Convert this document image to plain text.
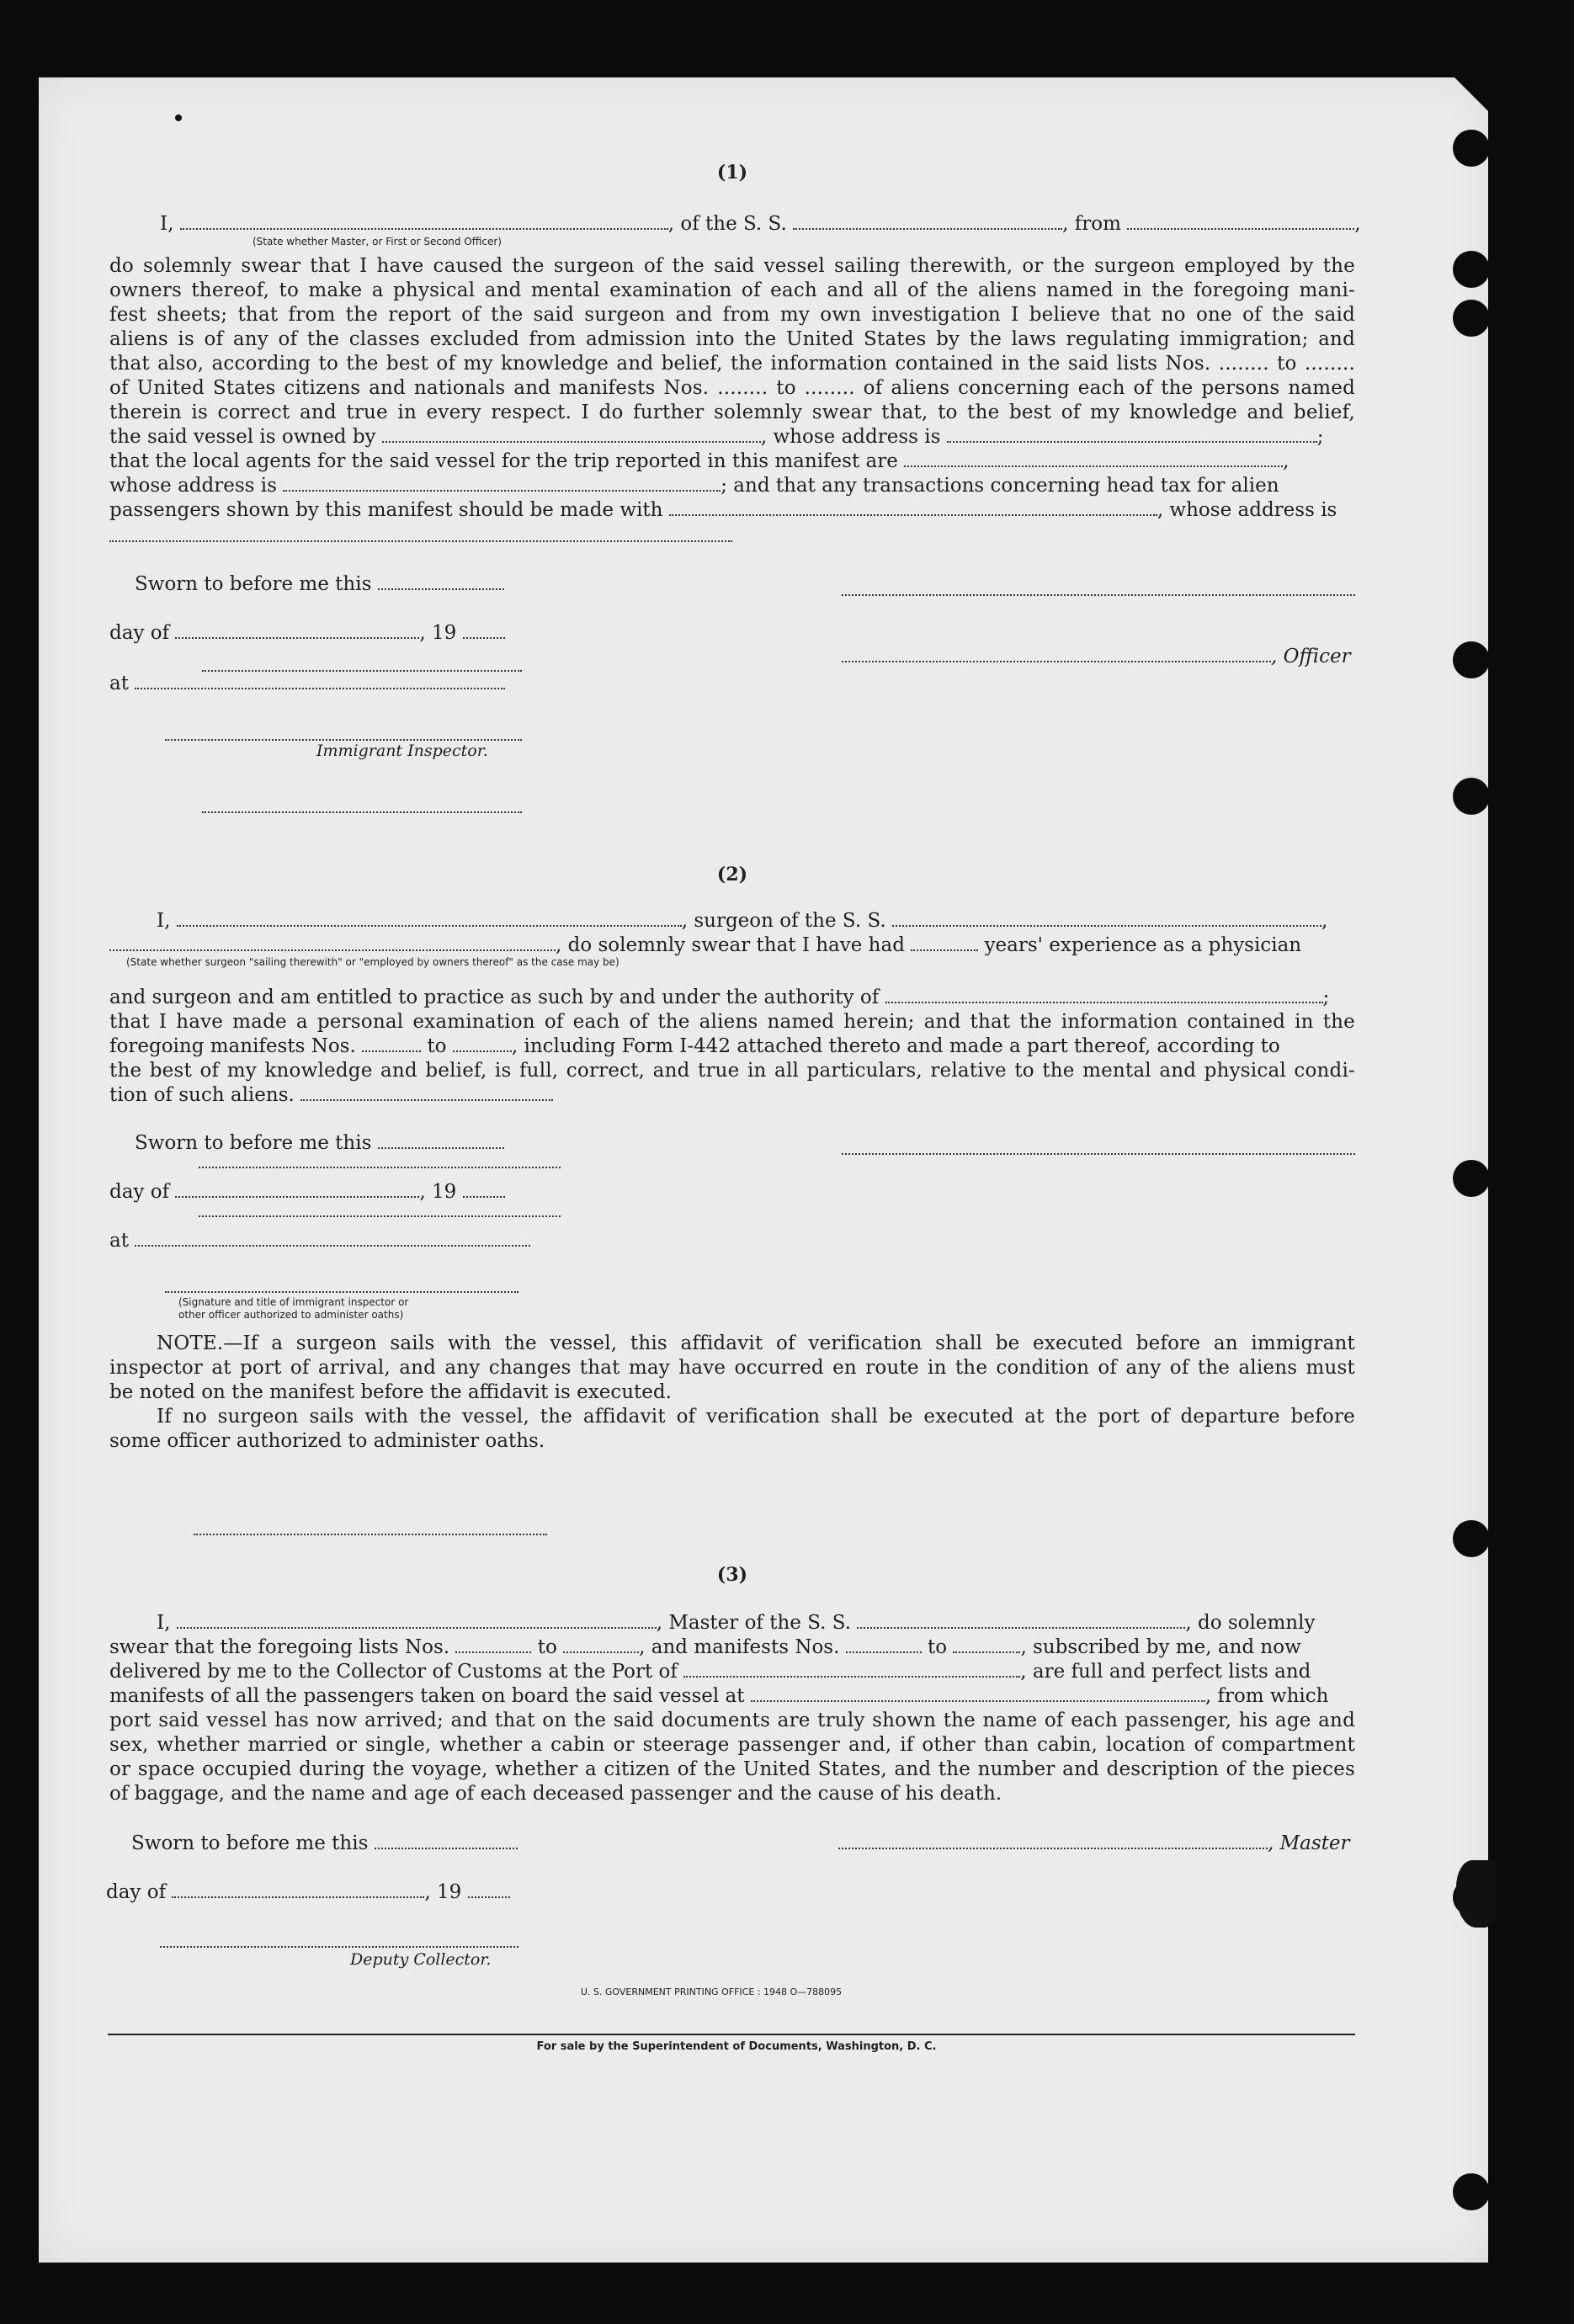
(1)
I,	, of the S. S.	, from	,
(State whether Master, or First or Second Officer)
do solemnly swear that I have caused the surgeon of the said vessel sailing therewith, or the surgeon employed by the
owners thereof, to make a physical and mental examination of each and all of the aliens named in the foregoing mani-
fest sheets; that from the report of the said surgeon and from my own investigation I believe that no one of the said
aliens is of any of the classes excluded from admission into the United States by the laws regulating immigration; and
that also, according to the best of my knowledge and belief, the information contained in the said lists Nos. ........ to ........
of United States citizens and nationals and manifests Nos. ........ to ........ of aliens concerning each of the persons named
therein is correct and true in every respect. I do further solemnly swear that, to the best of my knowledge and belief,
the said vessel is owned by	, whose address is	;
that the local agents for the said vessel for the trip reported in this manifest are	,
whose address is	; and that any transactions concerning head tax for alien
passengers shown by this manifest should be made with	, whose address is
Sworn to before me this
day of	, 19
, Officer
at
Immigrant Inspector.
(2)
I,	, surgeon of the S. S.	,
, do solemnly swear that I have had	years' experience as a physician
(State whether surgeon "sailing therewith" or "employed by owners thereof" as the case may be)
and surgeon and am entitled to practice as such by and under the authority of	;
that I have made a personal examination of each of the aliens named herein; and that the information contained in the
foregoing manifests Nos.	to	, including Form I-442 attached thereto and made a part thereof, according to
the best of my knowledge and belief, is full, correct, and true in all particulars, relative to the mental and physical condi-
tion of such aliens.
Sworn to before me this
day of	, 19
at
(Signature and title of immigrant inspector or
other officer authorized to administer oaths)
NOTE.—If a surgeon sails with the vessel, this affidavit of verification shall be executed before an immigrant
inspector at port of arrival, and any changes that may have occurred en route in the condition of any of the aliens must
be noted on the manifest before the affidavit is executed.
If no surgeon sails with the vessel, the affidavit of verification shall be executed at the port of departure before
some officer authorized to administer oaths.
(3)
I,	, Master of the S. S.	, do solemnly
swear that the foregoing lists Nos.	to	, and manifests Nos.	to	, subscribed by me, and now
delivered by me to the Collector of Customs at the Port of	, are full and perfect lists and
manifests of all the passengers taken on board the said vessel at	, from which
port said vessel has now arrived; and that on the said documents are truly shown the name of each passenger, his age and
sex, whether married or single, whether a cabin or steerage passenger and, if other than cabin, location of compartment
or space occupied during the voyage, whether a citizen of the United States, and the number and description of the pieces
of baggage, and the name and age of each deceased passenger and the cause of his death.
Sworn to before me this	, Master
day of	, 19
Deputy Collector.
U. S. GOVERNMENT PRINTING OFFICE : 1948 O—788095
For sale by the Superintendent of Documents, Washington, D. C.
